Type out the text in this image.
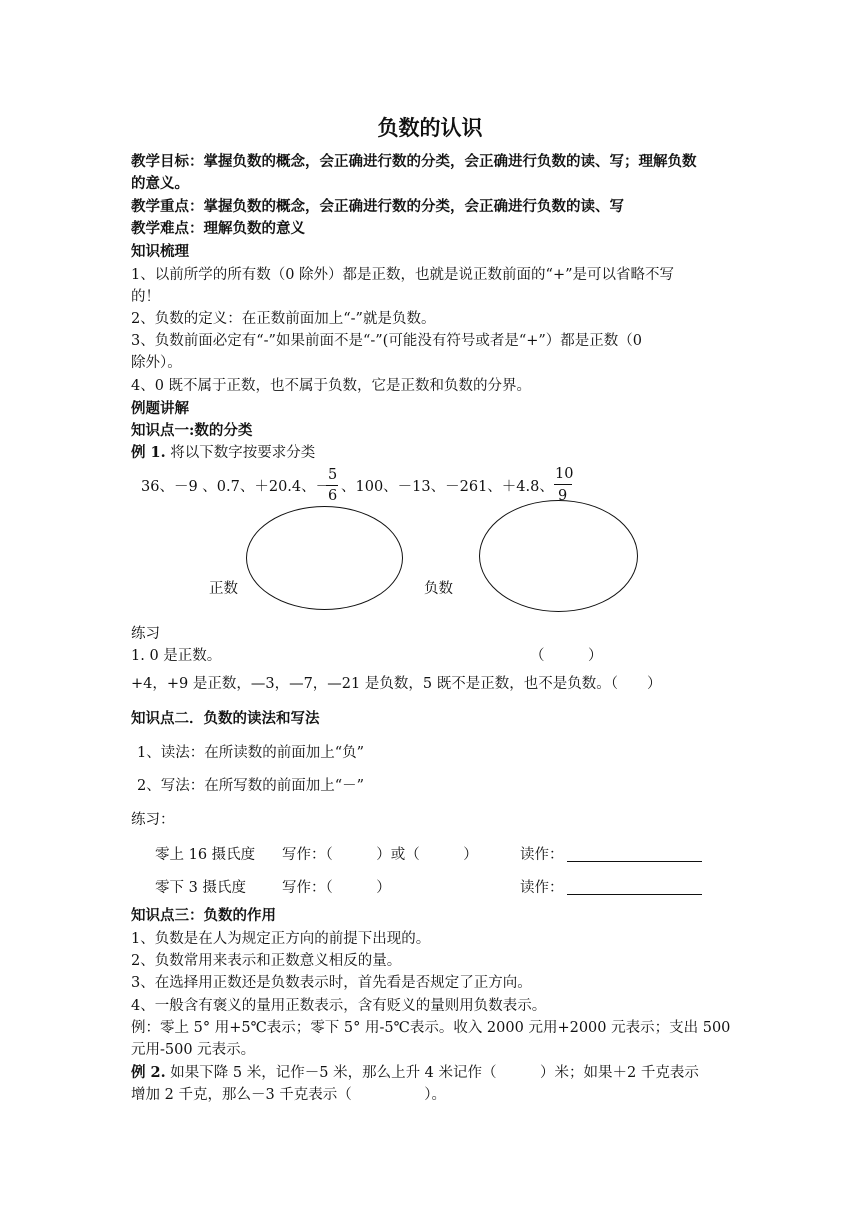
负数的认识
教学目标：掌握负数的概念，会正确进行数的分类，会正确进行负数的读、写；理解负数
的意义。
教学重点：掌握负数的概念，会正确进行数的分类，会正确进行负数的读、写
教学难点：理解负数的意义
知识梳理
1、以前所学的所有数（0 除外）都是正数，也就是说正数前面的“+”是可以省略不写
的！
2、负数的定义：在正数前面加上“-”就是负数。
3、负数前面必定有“-”如果前面不是“-”(可能没有符号或者是“+”）都是正数（0
除外）。
4、0 既不属于正数，也不属于负数，它是正数和负数的分界。
例题讲解
知识点一:数的分类
例 1. 将以下数字按要求分类
36、－9 、0.7、＋20.4、－
5
6
、100、－13、－261、＋4.8、
10
9
正数	负数
练习
1. 0 是正数。	（　　　）
+4，+9 是正数，—3，—7，—21 是负数，5 既不是正数，也不是负数。（　　）
知识点二．负数的读法和写法
1、读法：在所读数的前面加上“负”
2、写法：在所写数的前面加上“－”
练习：
零上 16 摄氏度 写作：（　　　）或（　　　）	读作：
零下 3 摄氏度 写作：（　　　）	读作：
知识点三：负数的作用
1、负数是在人为规定正方向的前提下出现的。
2、负数常用来表示和正数意义相反的量。
3、在选择用正数还是负数表示时，首先看是否规定了正方向。
4、一般含有褒义的量用正数表示，含有贬义的量则用负数表示。
例：零上 5° 用+5℃表示；零下 5° 用-5℃表示。收入 2000 元用+2000 元表示；支出 500
元用-500 元表示。
例 2. 如果下降 5 米，记作－5 米，那么上升 4 米记作（　　　）米；如果＋2 千克表示
增加 2 千克，那么－3 千克表示（　　　　　）。
